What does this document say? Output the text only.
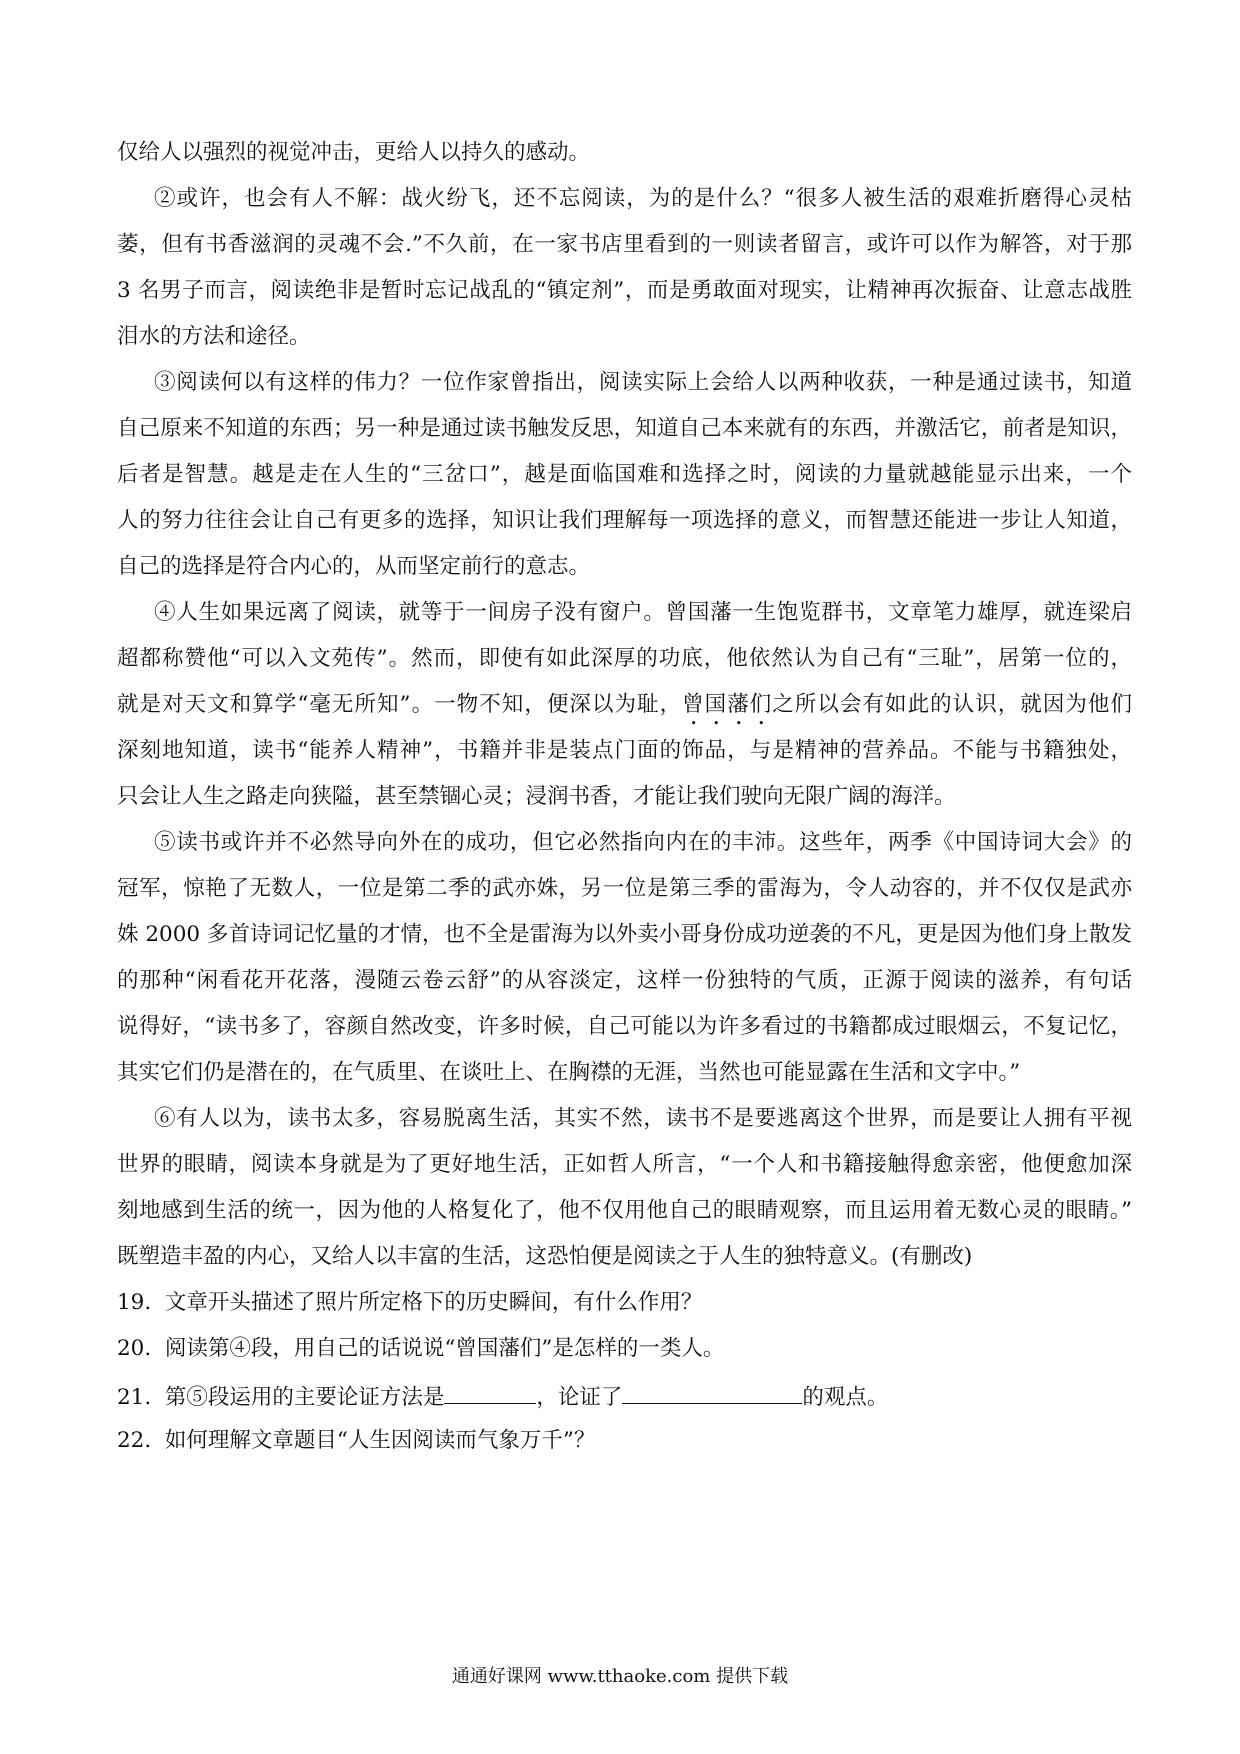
仅给人以强烈的视觉冲击，更给人以持久的感动。
②或许，也会有人不解：战火纷飞，还不忘阅读，为的是什么？“很多人被生活的艰难折磨得心灵枯
萎，但有书香滋润的灵魂不会.”不久前，在一家书店里看到的一则读者留言，或许可以作为解答，对于那
3 名男子而言，阅读绝非是暂时忘记战乱的“镇定剂”，而是勇敢面对现实，让精神再次振奋、让意志战胜
泪水的方法和途径。
③阅读何以有这样的伟力？一位作家曾指出，阅读实际上会给人以两种收获，一种是通过读书，知道
自己原来不知道的东西；另一种是通过读书触发反思，知道自己本来就有的东西，并激活它，前者是知识，
后者是智慧。越是走在人生的“三岔口”，越是面临国难和选择之时，阅读的力量就越能显示出来，一个
人的努力往往会让自己有更多的选择，知识让我们理解每一项选择的意义，而智慧还能进一步让人知道，
自己的选择是符合内心的，从而坚定前行的意志。
④人生如果远离了阅读，就等于一间房子没有窗户。曾国藩一生饱览群书，文章笔力雄厚，就连梁启
超都称赞他“可以入文苑传”。然而，即使有如此深厚的功底，他依然认为自己有“三耻”，居第一位的，
就是对天文和算学“毫无所知”。一物不知，便深以为耻，曾国藩们之所以会有如此的认识，就因为他们
深刻地知道，读书“能养人精神”，书籍并非是装点门面的饰品，与是精神的营养品。不能与书籍独处，
只会让人生之路走向狭隘，甚至禁锢心灵；浸润书香，才能让我们驶向无限广阔的海洋。
⑤读书或许并不必然导向外在的成功，但它必然指向内在的丰沛。这些年，两季《中国诗词大会》的
冠军，惊艳了无数人，一位是第二季的武亦姝，另一位是第三季的雷海为，令人动容的，并不仅仅是武亦
姝 2000 多首诗词记忆量的才情，也不全是雷海为以外卖小哥身份成功逆袭的不凡，更是因为他们身上散发
的那种“闲看花开花落，漫随云卷云舒”的从容淡定，这样一份独特的气质，正源于阅读的滋养，有句话
说得好，“读书多了，容颜自然改变，许多时候，自己可能以为许多看过的书籍都成过眼烟云，不复记忆，
其实它们仍是潜在的，在气质里、在谈吐上、在胸襟的无涯，当然也可能显露在生活和文字中。”
⑥有人以为，读书太多，容易脱离生活，其实不然，读书不是要逃离这个世界，而是要让人拥有平视
世界的眼睛，阅读本身就是为了更好地生活，正如哲人所言，“一个人和书籍接触得愈亲密，他便愈加深
刻地感到生活的统一，因为他的人格复化了，他不仅用他自己的眼睛观察，而且运用着无数心灵的眼睛。”
既塑造丰盈的内心，又给人以丰富的生活，这恐怕便是阅读之于人生的独特意义。(有删改)
19. 文章开头描述了照片所定格下的历史瞬间，有什么作用？
20. 阅读第④段，用自己的话说说“曾国藩们”是怎样的一类人。
21. 第⑤段运用的主要论证方法是	，论证了	的观点。
22. 如何理解文章题目“人生因阅读而气象万千”？
通通好课网 www.tthaoke.com 提供下载
